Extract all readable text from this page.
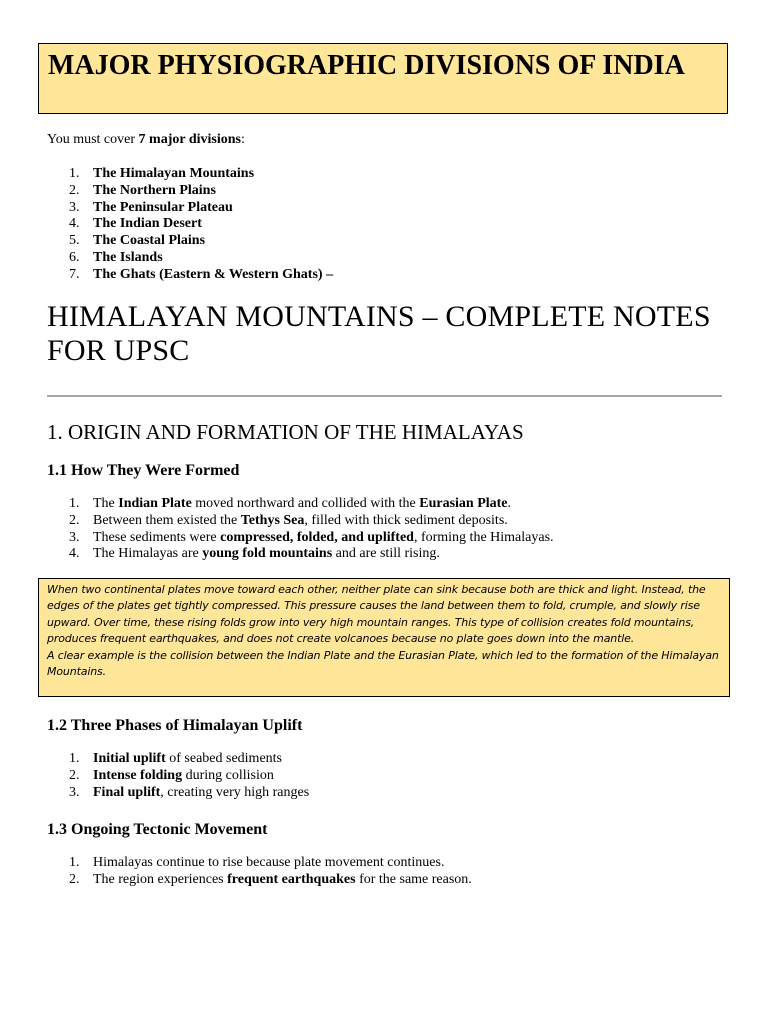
MAJOR PHYSIOGRAPHIC DIVISIONS OF INDIA
You must cover 7 major divisions:
1. The Himalayan Mountains
2. The Northern Plains
3. The Peninsular Plateau
4. The Indian Desert
5. The Coastal Plains
6. The Islands
7. The Ghats (Eastern & Western Ghats) –
HIMALAYAN MOUNTAINS – COMPLETE NOTES FOR UPSC
1. ORIGIN AND FORMATION OF THE HIMALAYAS
1.1 How They Were Formed
1. The Indian Plate moved northward and collided with the Eurasian Plate.
2. Between them existed the Tethys Sea, filled with thick sediment deposits.
3. These sediments were compressed, folded, and uplifted, forming the Himalayas.
4. The Himalayas are young fold mountains and are still rising.

When two continental plates move toward each other, neither plate can sink because both are thick and light. Instead, the edges of the plates get tightly compressed. This pressure causes the land between them to fold, crumple, and slowly rise upward. Over time, these rising folds grow into very high mountain ranges. This type of collision creates fold mountains, produces frequent earthquakes, and does not create volcanoes because no plate goes down into the mantle.

A clear example is the collision between the Indian Plate and the Eurasian Plate, which led to the formation of the Himalayan Mountains.

1.2 Three Phases of Himalayan Uplift
1. Initial uplift of seabed sediments
2. Intense folding during collision
3. Final uplift, creating very high ranges
1.3 Ongoing Tectonic Movement
1. Himalayas continue to rise because plate movement continues.
2. The region experiences frequent earthquakes for the same reason.
